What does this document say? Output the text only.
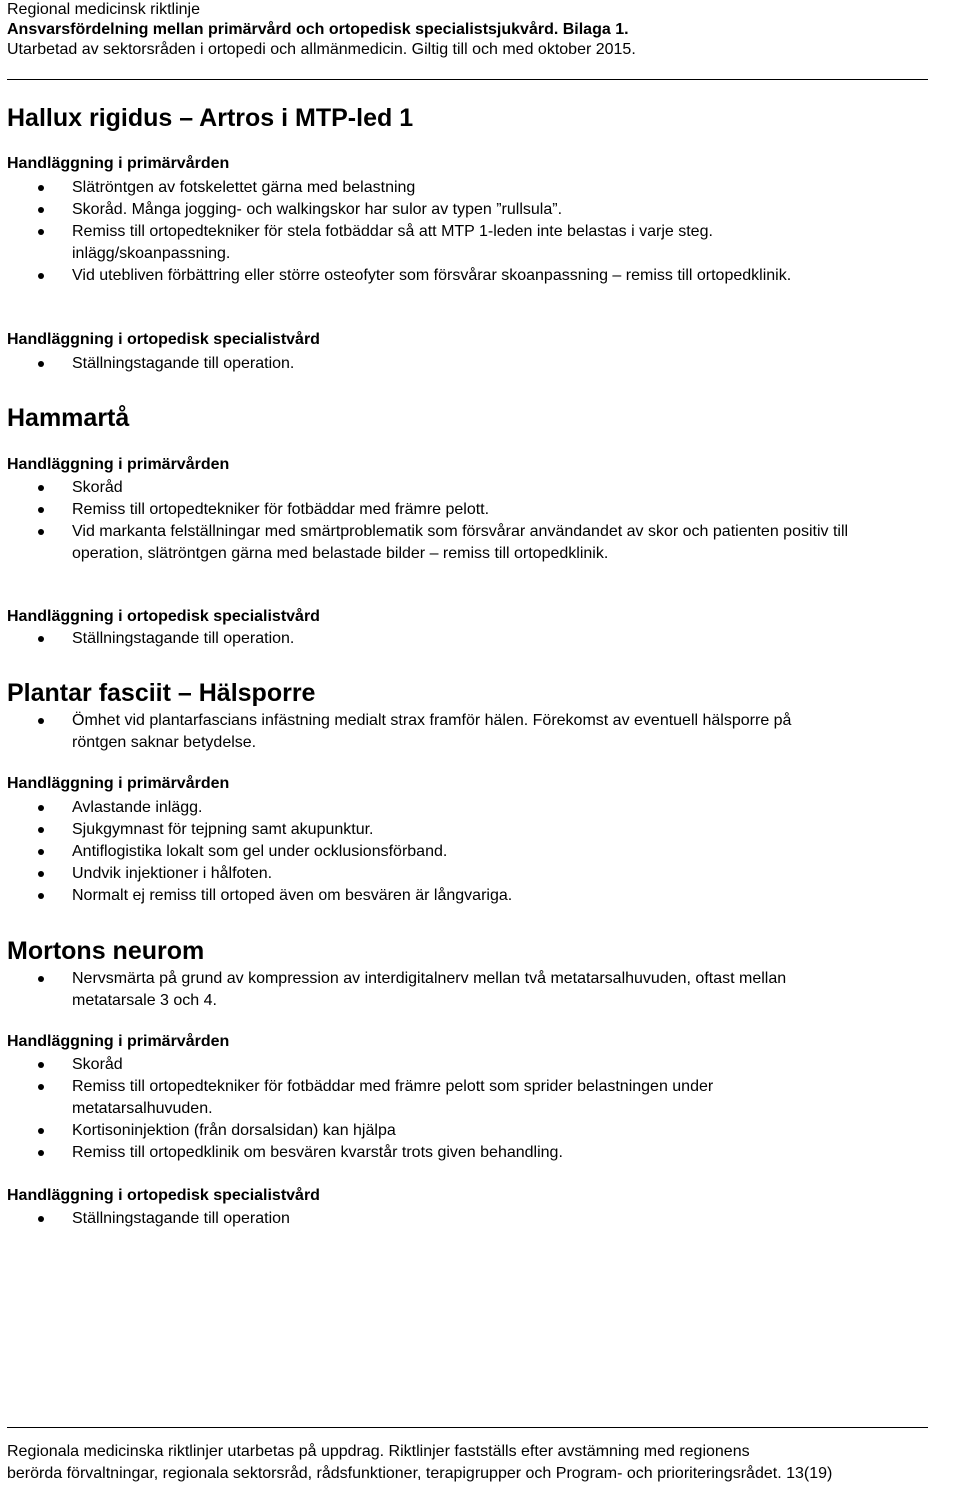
Regional medicinsk riktlinje
Ansvarsfördelning mellan primärvård och ortopedisk specialistsjukvård. Bilaga 1.
Utarbetad av sektorsråden i ortopedi och allmänmedicin. Giltig till och med oktober 2015.
Hallux rigidus – Artros i MTP-led 1
Handläggning i primärvården
Slätröntgen av fotskelettet gärna med belastning
Skoråd. Många jogging- och walkingskor har sulor av typen ”rullsula”.
Remiss till ortopedtekniker för stela fotbäddar så att MTP 1-leden inte belastas i varje steg. inlägg/skoanpassning.
Vid utebliven förbättring eller större osteofyter som försvårar skoanpassning – remiss till ortopedklinik.
Handläggning i ortopedisk specialistvård
Ställningstagande till operation.
Hammartå
Handläggning i primärvården
Skoråd
Remiss till ortopedtekniker för fotbäddar med främre pelott.
Vid markanta felställningar med smärtproblematik som försvårar användandet av skor och patienten positiv till operation, slätröntgen gärna med belastade bilder – remiss till ortopedklinik.
Handläggning i ortopedisk specialistvård
Ställningstagande till operation.
Plantar fasciit – Hälsporre
Ömhet vid plantarfascians infästning medialt strax framför hälen. Förekomst av eventuell hälsporre på röntgen saknar betydelse.
Handläggning i primärvården
Avlastande inlägg.
Sjukgymnast för tejpning samt akupunktur.
Antiflogistika lokalt som gel under ocklusionsförband.
Undvik injektioner i hålfoten.
Normalt ej remiss till ortoped även om besvären är långvariga.
Mortons neurom
Nervsmärta på grund av kompression av interdigitalnerv mellan två metatarsalhuvuden, oftast mellan metatarsale 3 och 4.
Handläggning i primärvården
Skoråd
Remiss till ortopedtekniker för fotbäddar med främre pelott som sprider belastningen under metatarsalhuvuden.
Kortisoninjektion (från dorsalsidan) kan hjälpa
Remiss till ortopedklinik om besvären kvarstår trots given behandling.
Handläggning i ortopedisk specialistvård
Ställningstagande till operation
Regionala medicinska riktlinjer utarbetas på uppdrag. Riktlinjer fastställs efter avstämning med regionens
berörda förvaltningar, regionala sektorsråd, rådsfunktioner, terapigrupper och Program- och prioriteringsrådet. 13(19)
